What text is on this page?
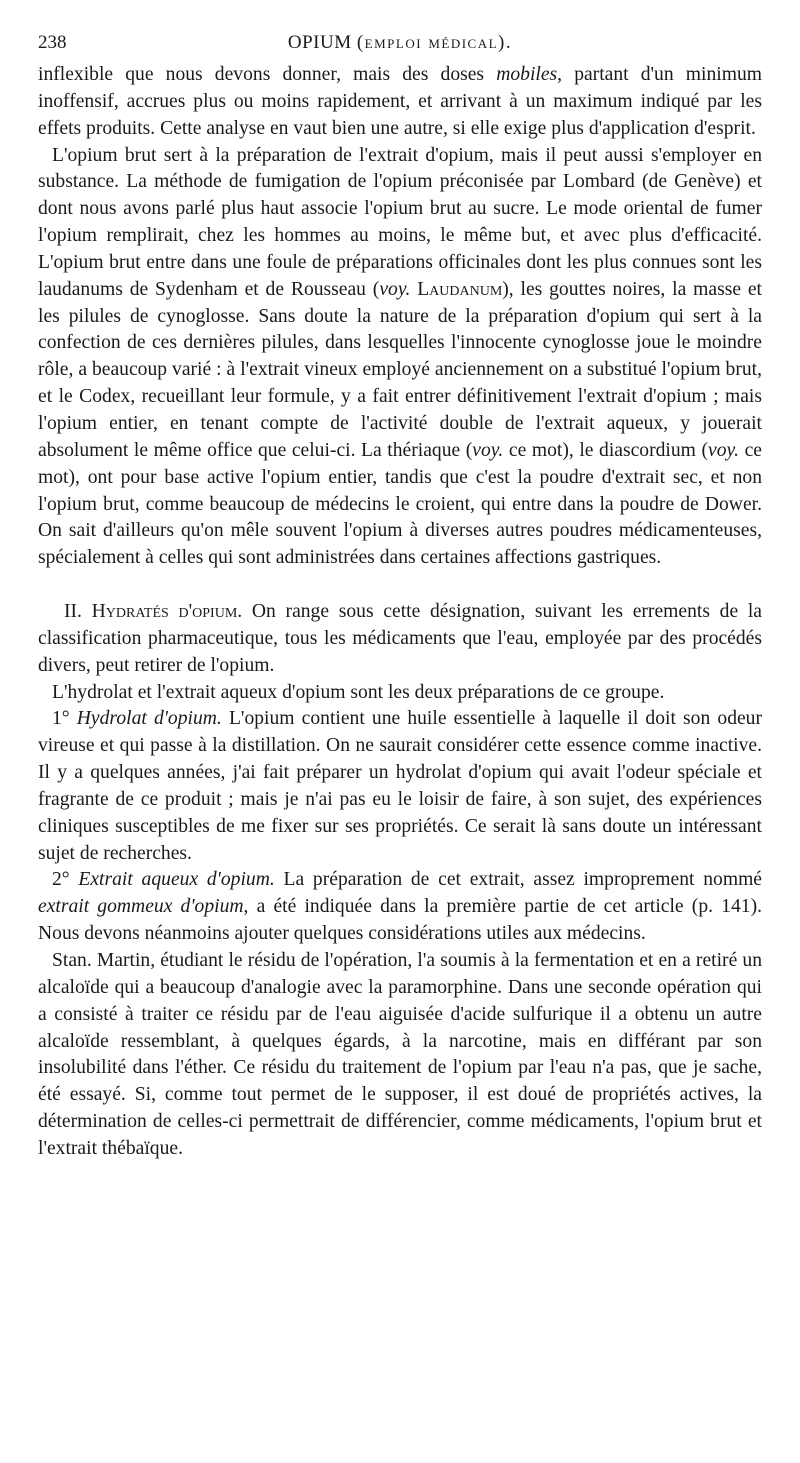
238	OPIUM (emploi médical).

inflexible que nous devons donner, mais des doses mobiles, partant d'un minimum inoffensif, accrues plus ou moins rapidement, et arrivant à un maximum indiqué par les effets produits. Cette analyse en vaut bien une autre, si elle exige plus d'application d'esprit.

L'opium brut sert à la préparation de l'extrait d'opium, mais il peut aussi s'employer en substance. La méthode de fumigation de l'opium préconisée par Lombard (de Genève) et dont nous avons parlé plus haut associe l'opium brut au sucre. Le mode oriental de fumer l'opium remplirait, chez les hommes au moins, le même but, et avec plus d'efficacité. L'opium brut entre dans une foule de préparations officinales dont les plus connues sont les laudanums de Sydenham et de Rousseau (voy. Laudanum), les gouttes noires, la masse et les pilules de cynoglosse. Sans doute la nature de la préparation d'opium qui sert à la confection de ces dernières pilules, dans lesquelles l'innocente cynoglosse joue le moindre rôle, a beaucoup varié : à l'extrait vineux employé anciennement on a substitué l'opium brut, et le Codex, recueillant leur formule, y a fait entrer définitivement l'extrait d'opium ; mais l'opium entier, en tenant compte de l'activité double de l'extrait aqueux, y jouerait absolument le même office que celui-ci. La thériaque (voy. ce mot), le diascordium (voy. ce mot), ont pour base active l'opium entier, tandis que c'est la poudre d'extrait sec, et non l'opium brut, comme beaucoup de médecins le croient, qui entre dans la poudre de Dower. On sait d'ailleurs qu'on mêle souvent l'opium à diverses autres poudres médicamenteuses, spécialement à celles qui sont administrées dans certaines affections gastriques.

II. Hydratés d'opium. On range sous cette désignation, suivant les errements de la classification pharmaceutique, tous les médicaments que l'eau, employée par des procédés divers, peut retirer de l'opium.

L'hydrolat et l'extrait aqueux d'opium sont les deux préparations de ce groupe.

1° Hydrolat d'opium. L'opium contient une huile essentielle à laquelle il doit son odeur vireuse et qui passe à la distillation. On ne saurait considérer cette essence comme inactive. Il y a quelques années, j'ai fait préparer un hydrolat d'opium qui avait l'odeur spéciale et fragrante de ce produit ; mais je n'ai pas eu le loisir de faire, à son sujet, des expériences cliniques susceptibles de me fixer sur ses propriétés. Ce serait là sans doute un intéressant sujet de recherches.

2° Extrait aqueux d'opium. La préparation de cet extrait, assez improprement nommé extrait gommeux d'opium, a été indiquée dans la première partie de cet article (p. 141). Nous devons néanmoins ajouter quelques considérations utiles aux médecins.

Stan. Martin, étudiant le résidu de l'opération, l'a soumis à la fermentation et en a retiré un alcaloïde qui a beaucoup d'analogie avec la paramorphine. Dans une seconde opération qui a consisté à traiter ce résidu par de l'eau aiguisée d'acide sulfurique il a obtenu un autre alcaloïde ressemblant, à quelques égards, à la narcotine, mais en différant par son insolubilité dans l'éther. Ce résidu du traitement de l'opium par l'eau n'a pas, que je sache, été essayé. Si, comme tout permet de le supposer, il est doué de propriétés actives, la détermination de celles-ci permettrait de différencier, comme médicaments, l'opium brut et l'extrait thébaïque.
